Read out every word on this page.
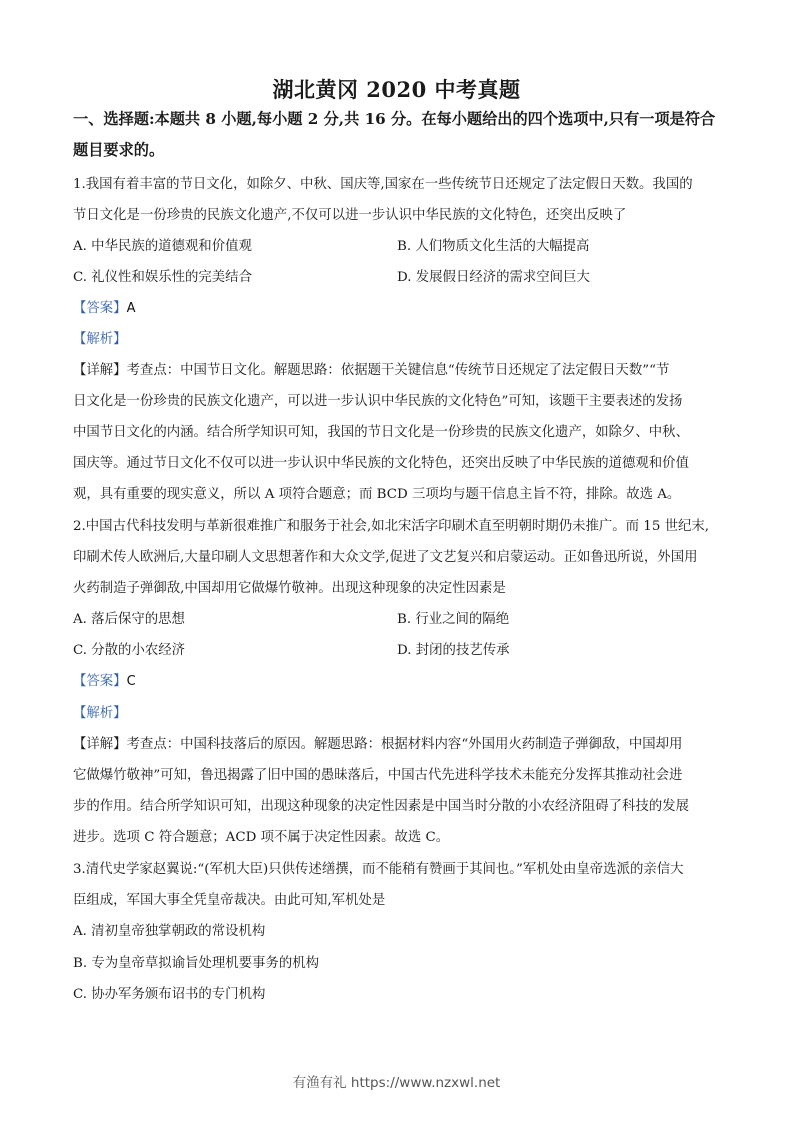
湖北黄冈 2020 中考真题
一、选择题:本题共 8 小题,每小题 2 分,共 16 分。在每小题给出的四个选项中,只有一项是符合
题目要求的。
1.我国有着丰富的节日文化，如除夕、中秋、国庆等,国家在一些传统节日还规定了法定假日天数。我国的
节日文化是一份珍贵的民族文化遗产,不仅可以进一步认识中华民族的文化特色，还突出反映了
A. 中华民族的道德观和价值观	B. 人们物质文化生活的大幅提高
C. 礼仪性和娱乐性的完美结合	D. 发展假日经济的需求空间巨大
【答案】A
【解析】
【详解】考查点：中国节日文化。解题思路：依据题干关键信息“传统节日还规定了法定假日天数”“节
日文化是一份珍贵的民族文化遗产，可以进一步认识中华民族的文化特色”可知，该题干主要表述的发扬
中国节日文化的内涵。结合所学知识可知，我国的节日文化是一份珍贵的民族文化遗产，如除夕、中秋、
国庆等。通过节日文化不仅可以进一步认识中华民族的文化特色，还突出反映了中华民族的道德观和价值
观，具有重要的现实意义，所以 A 项符合题意；而 BCD 三项均与题干信息主旨不符，排除。故选 A。
2.中国古代科技发明与革新很难推广和服务于社会,如北宋活字印刷术直至明朝时期仍未推广。而 15 世纪末,
印刷术传人欧洲后,大量印刷人文思想著作和大众文学,促进了文艺复兴和启蒙运动。正如鲁迅所说，外国用
火药制造子弹御敌,中国却用它做爆竹敬神。出现这种现象的决定性因素是
A. 落后保守的思想	B. 行业之间的隔绝
C. 分散的小农经济	D. 封闭的技艺传承
【答案】C
【解析】
【详解】考查点：中国科技落后的原因。解题思路：根据材料内容“外国用火药制造子弹御敌，中国却用
它做爆竹敬神”可知，鲁迅揭露了旧中国的愚昧落后，中国古代先进科学技术未能充分发挥其推动社会进
步的作用。结合所学知识可知，出现这种现象的决定性因素是中国当时分散的小农经济阻碍了科技的发展
进步。选项 C 符合题意；ACD 项不属于决定性因素。故选 C。
3.清代史学家赵翼说:“(军机大臣)只供传述缮撰，而不能稍有赞画于其间也。”军机处由皇帝选派的亲信大
臣组成，军国大事全凭皇帝裁决。由此可知,军机处是
A. 清初皇帝独掌朝政的常设机构
B. 专为皇帝草拟谕旨处理机要事务的机构
C. 协办军务颁布诏书的专门机构
有渔有礼 https://www.nzxwl.net
